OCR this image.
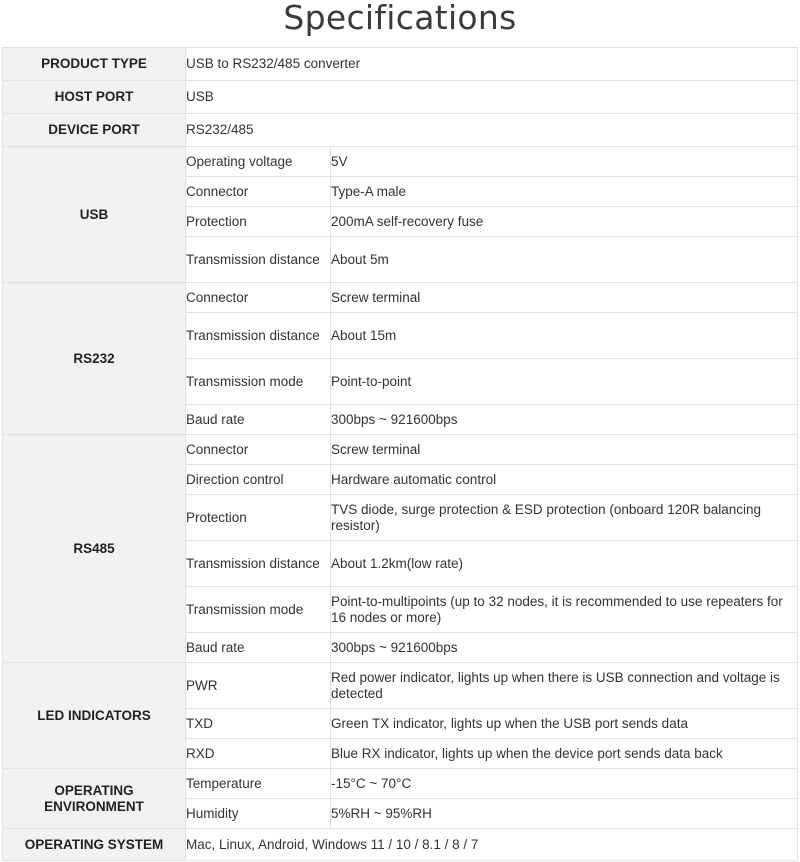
Specifications
PRODUCT TYPE	USB to RS232/485 converter	
HOST PORT	USB	
DEVICE PORT	RS232/485	
USB	Operating voltage	5V
	Connector	Type-A male
	Protection	200mA self-recovery fuse
	Transmission distance	About 5m
RS232	Connector	Screw terminal
	Transmission distance	About 15m
	Transmission mode	Point-to-point
	Baud rate	300bps ~ 921600bps
RS485	Connector	Screw terminal
	Direction control	Hardware automatic control
	Protection	TVS diode, surge protection & ESD protection (onboard 120R balancing resistor)
	Transmission distance	About 1.2km(low rate)
	Transmission mode	Point-to-multipoints (up to 32 nodes, it is recommended to use repeaters for 16 nodes or more)
	Baud rate	300bps ~ 921600bps
LED INDICATORS	PWR	Red power indicator, lights up when there is USB connection and voltage is detected
	TXD	Green TX indicator, lights up when the USB port sends data
	RXD	Blue RX indicator, lights up when the device port sends data back
OPERATING ENVIRONMENT	Temperature	-15°C ~ 70°C
	Humidity	5%RH ~ 95%RH
OPERATING SYSTEM	Mac, Linux, Android, Windows 11 / 10 / 8.1 / 8 / 7	
